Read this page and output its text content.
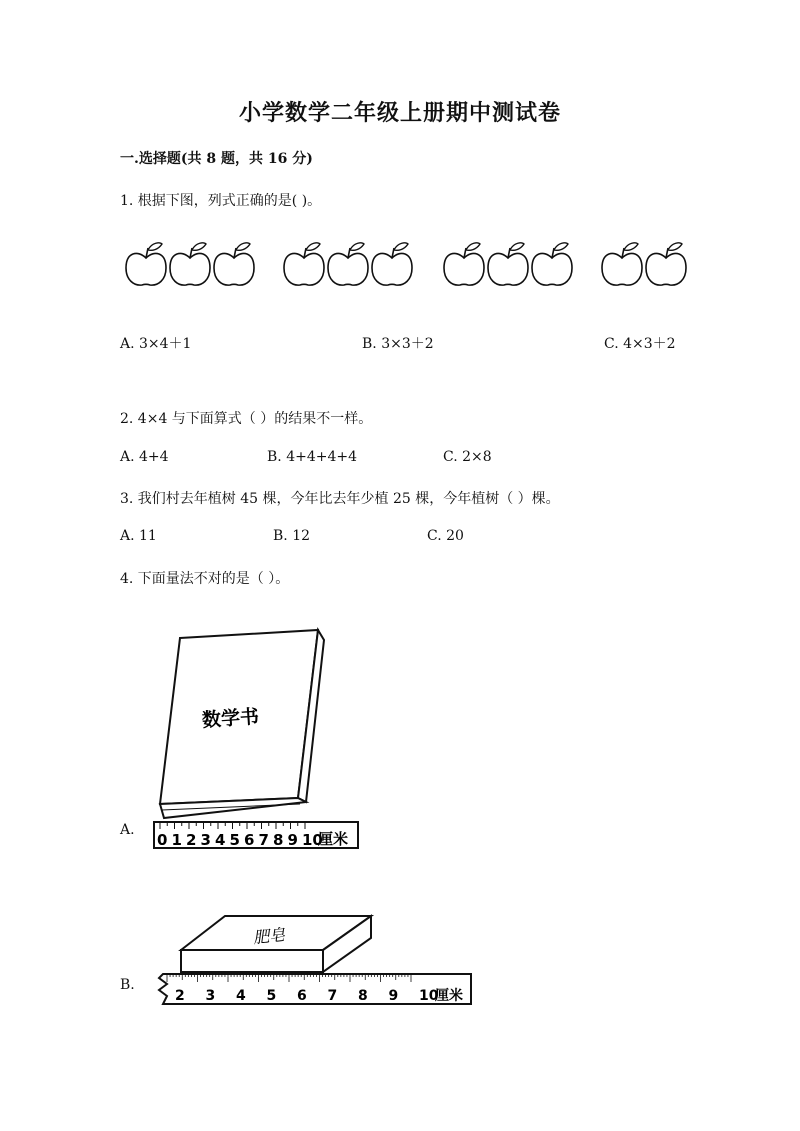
小学数学二年级上册期中测试卷
一.选择题(共 8 题，共 16 分)
1. 根据下图，列式正确的是( )。
A. 3×4＋1	B. 3×3＋2	C. 4×3＋2
2. 4×4 与下面算式（ ）的结果不一样。
A. 4+4	B. 4+4+4+4	C. 2×8
3. 我们村去年植树 45 棵，今年比去年少植 25 棵，今年植树（ ）棵。
A. 11	B. 12	C. 20
4. 下面量法不对的是（ ）。
A.
数学书
0 1 2 3 4 5 6 7 8 9 10
厘米
B.
肥皂
2 3 4 5 6 7 8 9 10
厘米
